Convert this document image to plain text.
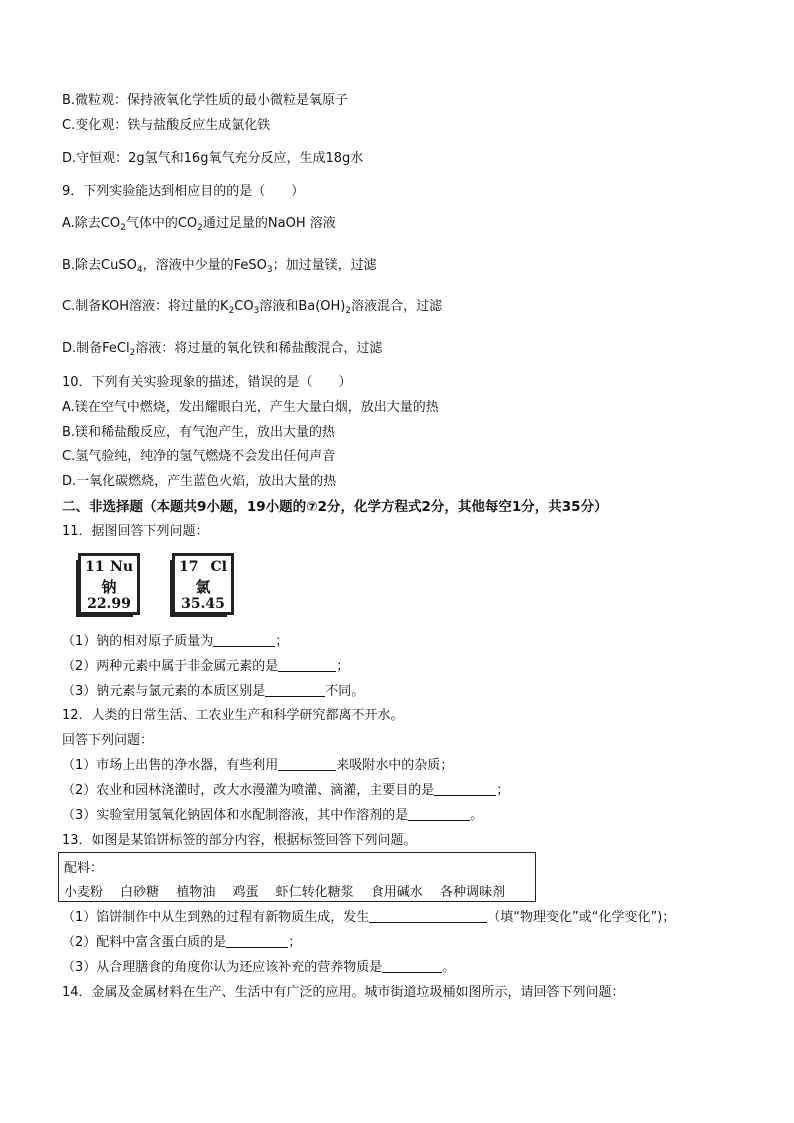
B.微粒观：保持液氧化学性质的最小微粒是氧原子
C.变化观：铁与盐酸反应生成氯化铁
D.守恒观：2g氢气和16g氧气充分反应，生成18g水
9．下列实验能达到相应目的的是（　　）
A.除去$CO_2$气体中的$CO_2$通过足量的NaOH 溶液
B.除去CuSO$_4$，溶液中少量的FeSO$_3$；加过量镁，过滤
C.制备KOH溶液：将过量的$K_2CO_3$溶液和$Ba(OH)_2$溶液混合，过滤
D.制备FeCl$_2$溶液：将过量的氧化铁和稀盐酸混合，过滤
10．下列有关实验现象的描述，错误的是（　　）
A.镁在空气中燃烧，发出耀眼白光，产生大量白烟，放出大量的热
B.镁和稀盐酸反应，有气泡产生，放出大量的热
C.氢气验纯，纯净的氢气燃烧不会发出任何声音
D.一氧化碳燃烧，产生蓝色火焰，放出大量的热
二、非选择题（本题共9小题，19小题的⑦2分，化学方程式2分，其他每空1分，共35分）
11．据图回答下列问题：
11 Nu
钠
22.99
17 Cl
氯
35.45
（1）钠的相对原子质量为	；
（2）两种元素中属于非金属元素的是	；
（3）钠元素与氯元素的本质区别是	不同。
12．人类的日常生活、工农业生产和科学研究都离不开水。
回答下列问题：
（1）市场上出售的净水器，有些利用	来吸附水中的杂质；
（2）农业和园林浇灌时，改大水漫灌为喷灌、滴灌，主要目的是	；
（3）实验室用氢氧化钠固体和水配制溶液，其中作溶剂的是	。
13．如图是某馅饼标签的部分内容，根据标签回答下列问题。
配料：
小麦粉 白砂糖 植物油 鸡蛋 虾仁转化糖浆 食用碱水 各种调味剂
（1）馅饼制作中从生到熟的过程有新物质生成，发生	（填“物理变化”或“化学变化”)；
（2）配料中富含蛋白质的是	；
（3）从合理膳食的角度你认为还应该补充的营养物质是	。
14．金属及金属材料在生产、生活中有广泛的应用。城市街道垃圾桶如图所示，请回答下列问题：
